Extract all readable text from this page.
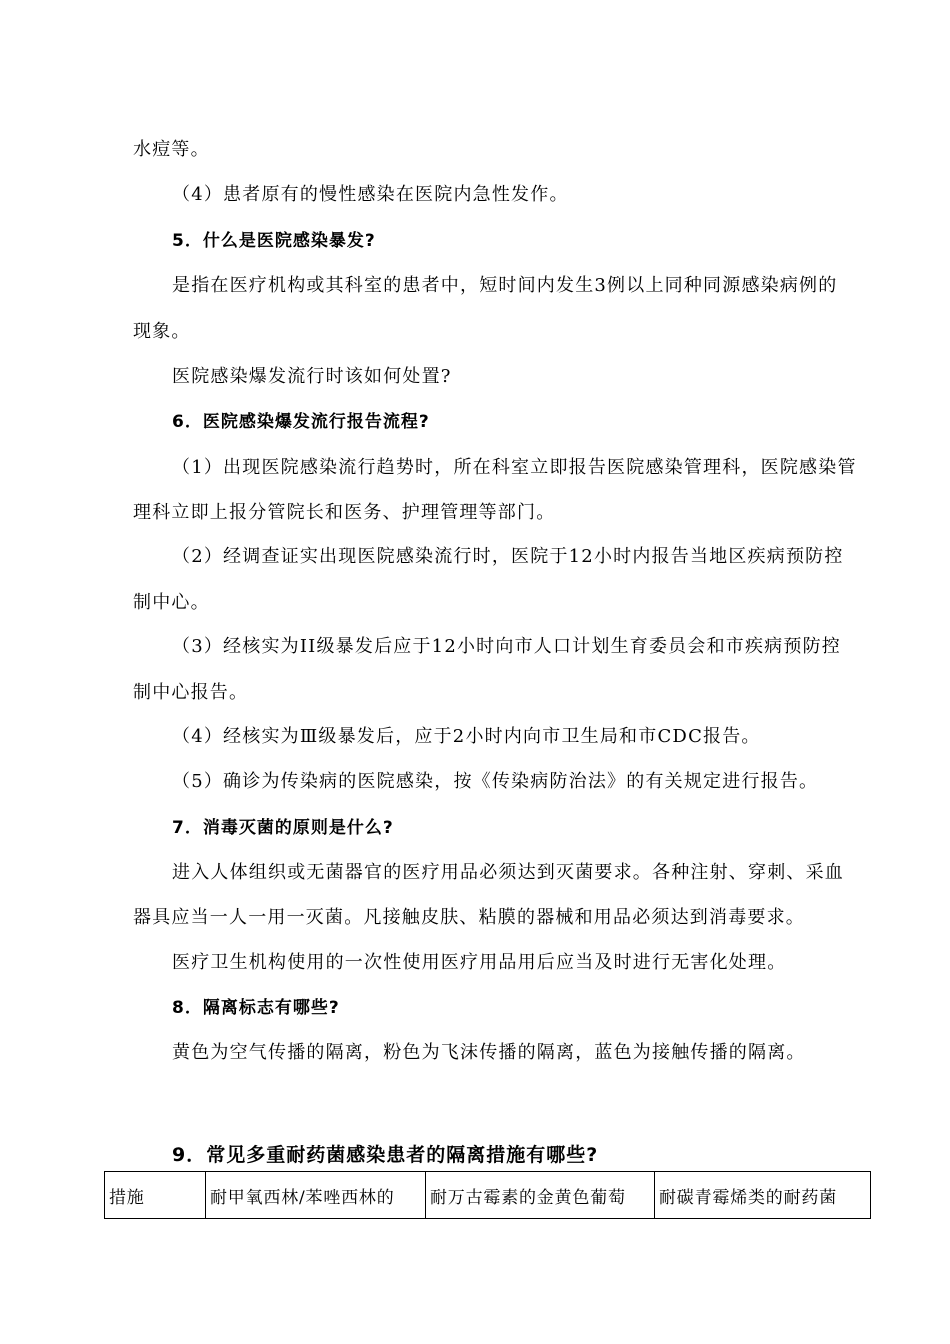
水痘等。
（4）患者原有的慢性感染在医院内急性发作。
5．什么是医院感染暴发?
是指在医疗机构或其科室的患者中，短时间内发生3例以上同种同源感染病例的
现象。
医院感染爆发流行时该如何处置?
6．医院感染爆发流行报告流程?
（1）出现医院感染流行趋势时，所在科室立即报告医院感染管理科，医院感染管
理科立即上报分管院长和医务、护理管理等部门。
（2）经调查证实出现医院感染流行时，医院于12小时内报告当地区疾病预防控
制中心。
（3）经核实为II级暴发后应于12小时向市人口计划生育委员会和市疾病预防控
制中心报告。
（4）经核实为Ⅲ级暴发后，应于2小时内向市卫生局和市CDC报告。
（5）确诊为传染病的医院感染，按《传染病防治法》的有关规定进行报告。
7．消毒灭菌的原则是什么?
进入人体组织或无菌器官的医疗用品必须达到灭菌要求。各种注射、穿刺、采血
器具应当一人一用一灭菌。凡接触皮肤、粘膜的器械和用品必须达到消毒要求。
医疗卫生机构使用的一次性使用医疗用品用后应当及时进行无害化处理。
8．隔离标志有哪些?
黄色为空气传播的隔离，粉色为飞沫传播的隔离，蓝色为接触传播的隔离。
9．常见多重耐药菌感染患者的隔离措施有哪些?
措施	耐甲氧西林/苯唑西林的	耐万古霉素的金黄色葡萄	耐碳青霉烯类的耐药菌
